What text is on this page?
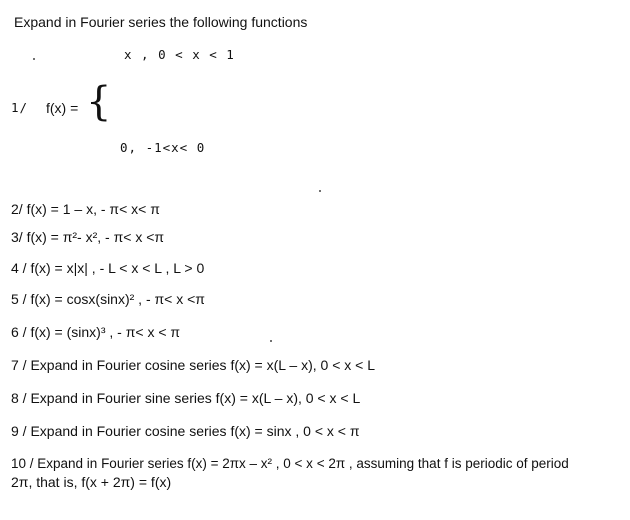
Expand in Fourier series the following functions
x , 0 < x < 1
1/ f(x) = {
0, -1<x< 0
2/ f(x) = 1 – x, - π< x< π
3/ f(x) = π²- x², - π< x <π
4 / f(x) = x|x| , - L < x < L , L > 0
5 / f(x) = cosx(sinx)² , - π< x <π
6 / f(x) = (sinx)³ , - π< x < π
7 / Expand in Fourier cosine series f(x) = x(L – x), 0 < x < L
8 / Expand in Fourier sine series f(x) = x(L – x), 0 < x < L
9 / Expand in Fourier cosine series f(x) = sinx , 0 < x < π
10 / Expand in Fourier series f(x) = 2πx – x² , 0 < x < 2π , assuming that f is periodic of period
2π, that is, f(x + 2π) = f(x)
